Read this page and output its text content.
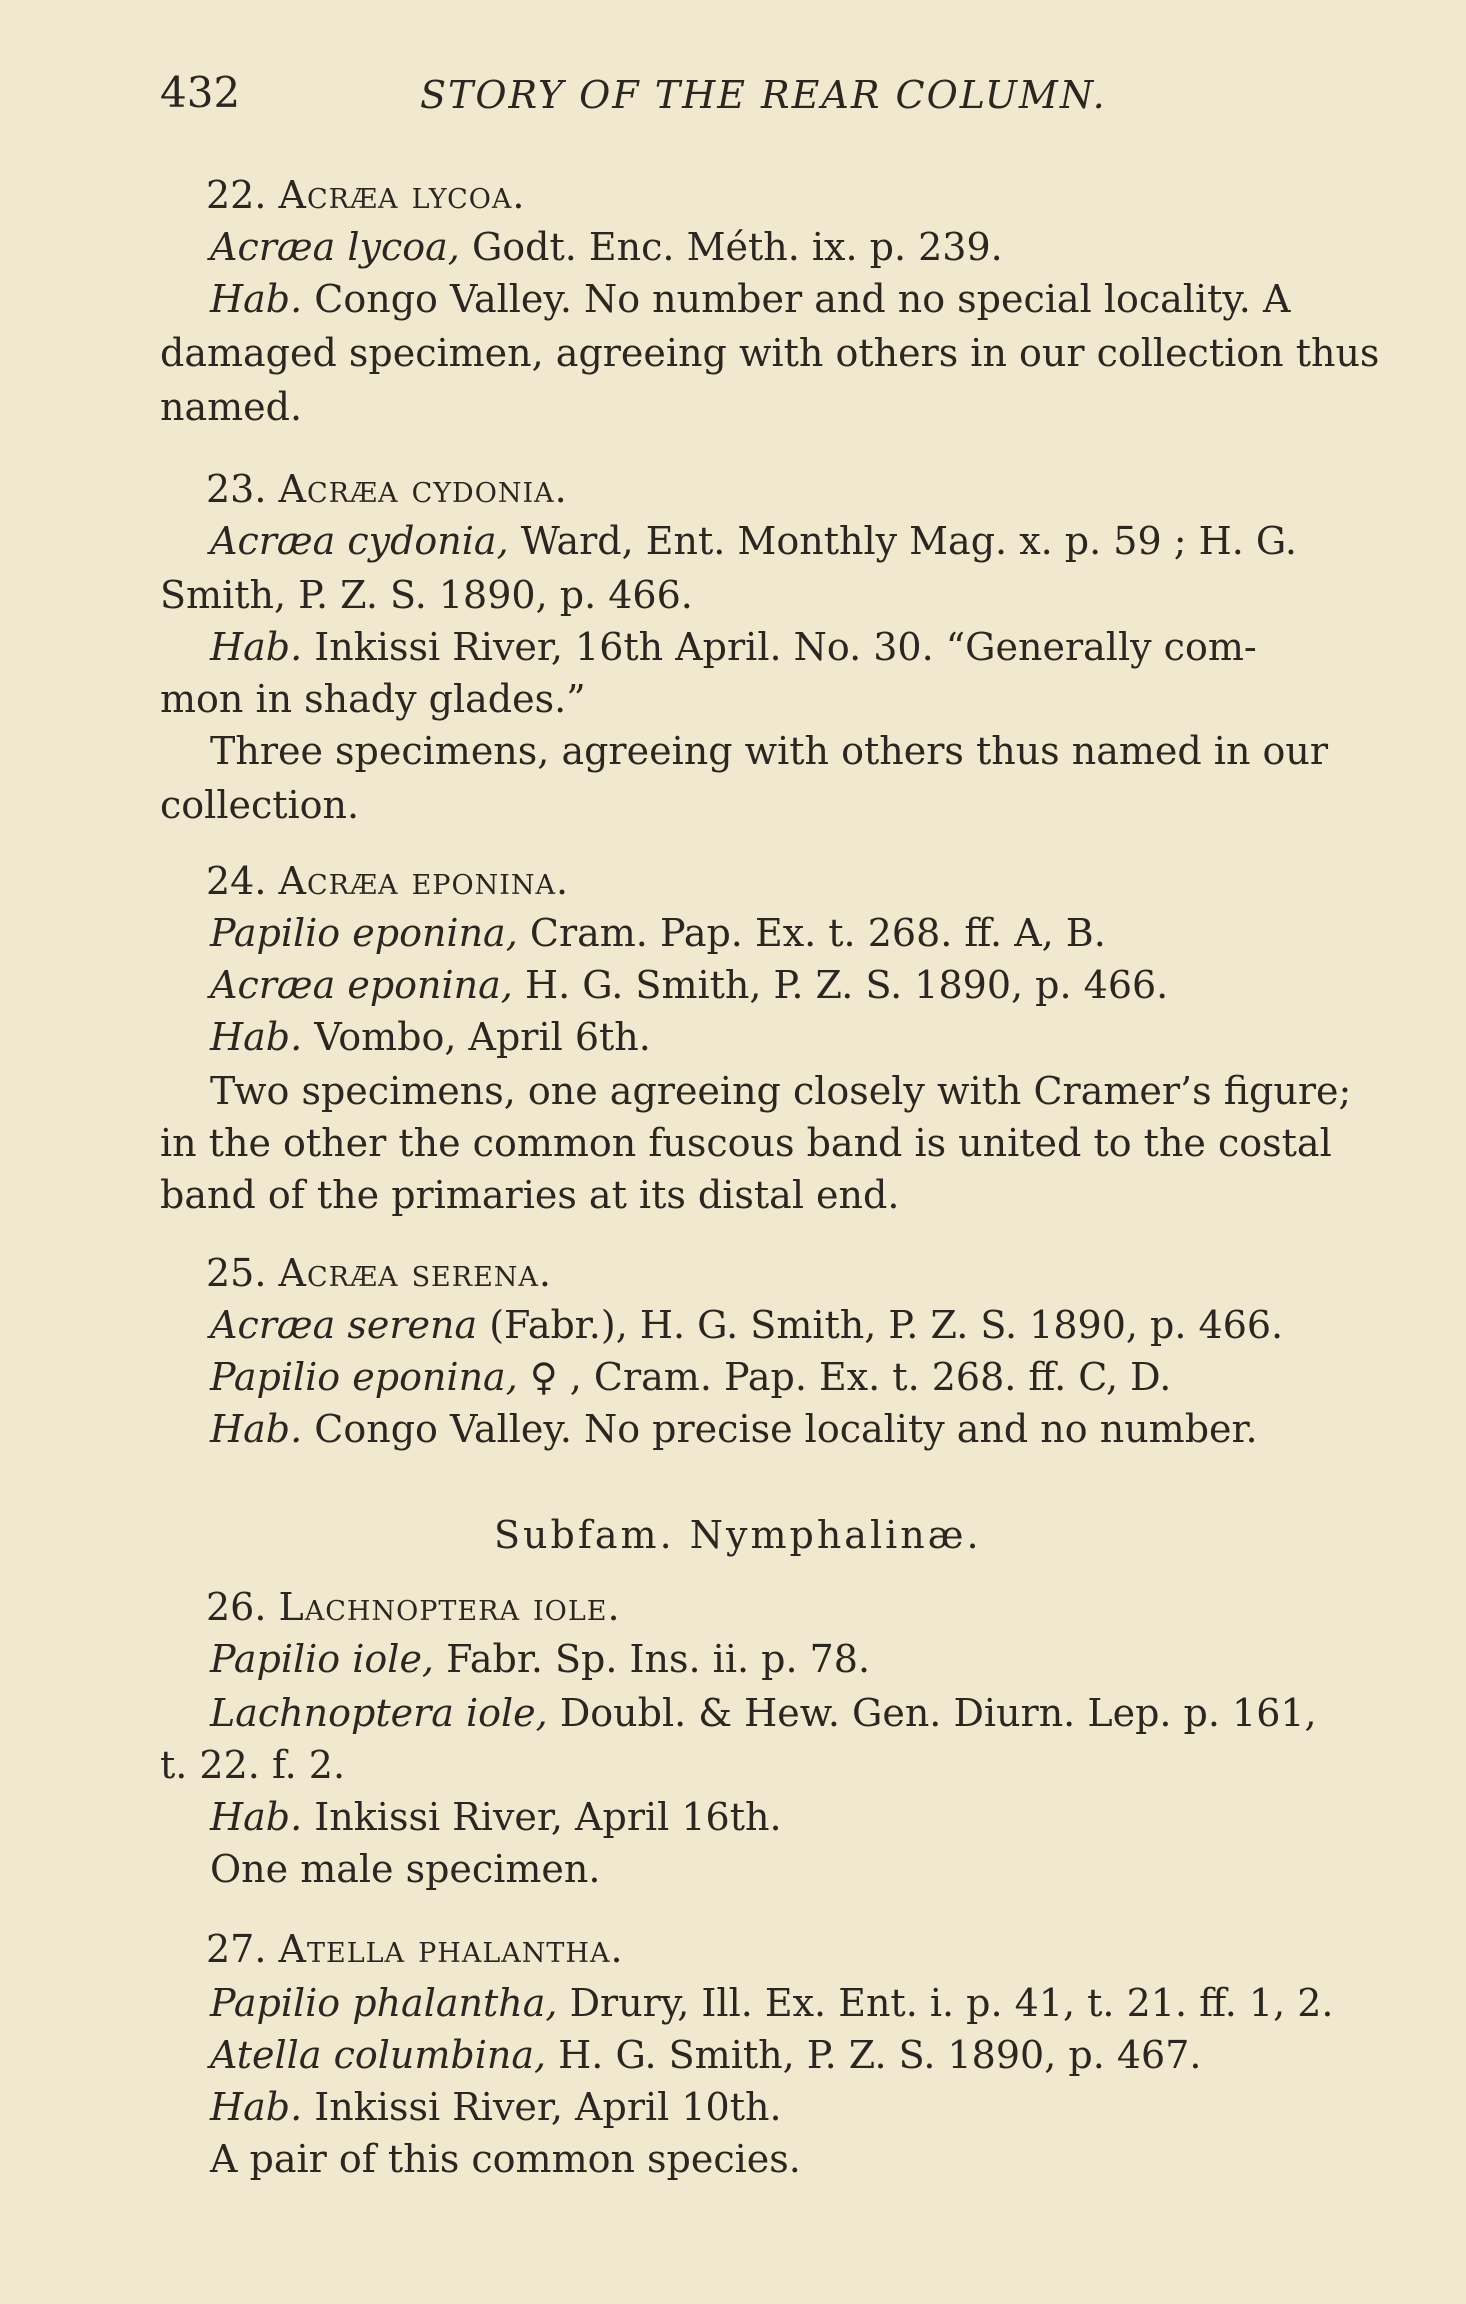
432	STORY OF THE REAR COLUMN.
22. Acræa lycoa.
Acræa lycoa, Godt. Enc. Méth. ix. p. 239.
Hab. Congo Valley. No number and no special locality. A
damaged specimen, agreeing with others in our collection thus
named.
23. Acræa cydonia.
Acræa cydonia, Ward, Ent. Monthly Mag. x. p. 59 ; H. G.
Smith, P. Z. S. 1890, p. 466.
Hab. Inkissi River, 16th April. No. 30. “Generally com-
mon in shady glades.”
Three specimens, agreeing with others thus named in our
collection.
24. Acræa eponina.
Papilio eponina, Cram. Pap. Ex. t. 268. ff. A, B.
Acræa eponina, H. G. Smith, P. Z. S. 1890, p. 466.
Hab. Vombo, April 6th.
Two specimens, one agreeing closely with Cramer’s figure;
in the other the common fuscous band is united to the costal
band of the primaries at its distal end.
25. Acræa serena.
Acræa serena (Fabr.), H. G. Smith, P. Z. S. 1890, p. 466.
Papilio eponina, ♀ , Cram. Pap. Ex. t. 268. ff. C, D.
Hab. Congo Valley. No precise locality and no number.
Subfam. Nymphalinæ.
26. Lachnoptera iole.
Papilio iole, Fabr. Sp. Ins. ii. p. 78.
Lachnoptera iole, Doubl. & Hew. Gen. Diurn. Lep. p. 161,
t. 22. f. 2.
Hab. Inkissi River, April 16th.
One male specimen.
27. Atella phalantha.
Papilio phalantha, Drury, Ill. Ex. Ent. i. p. 41, t. 21. ff. 1, 2.
Atella columbina, H. G. Smith, P. Z. S. 1890, p. 467.
Hab. Inkissi River, April 10th.
A pair of this common species.
